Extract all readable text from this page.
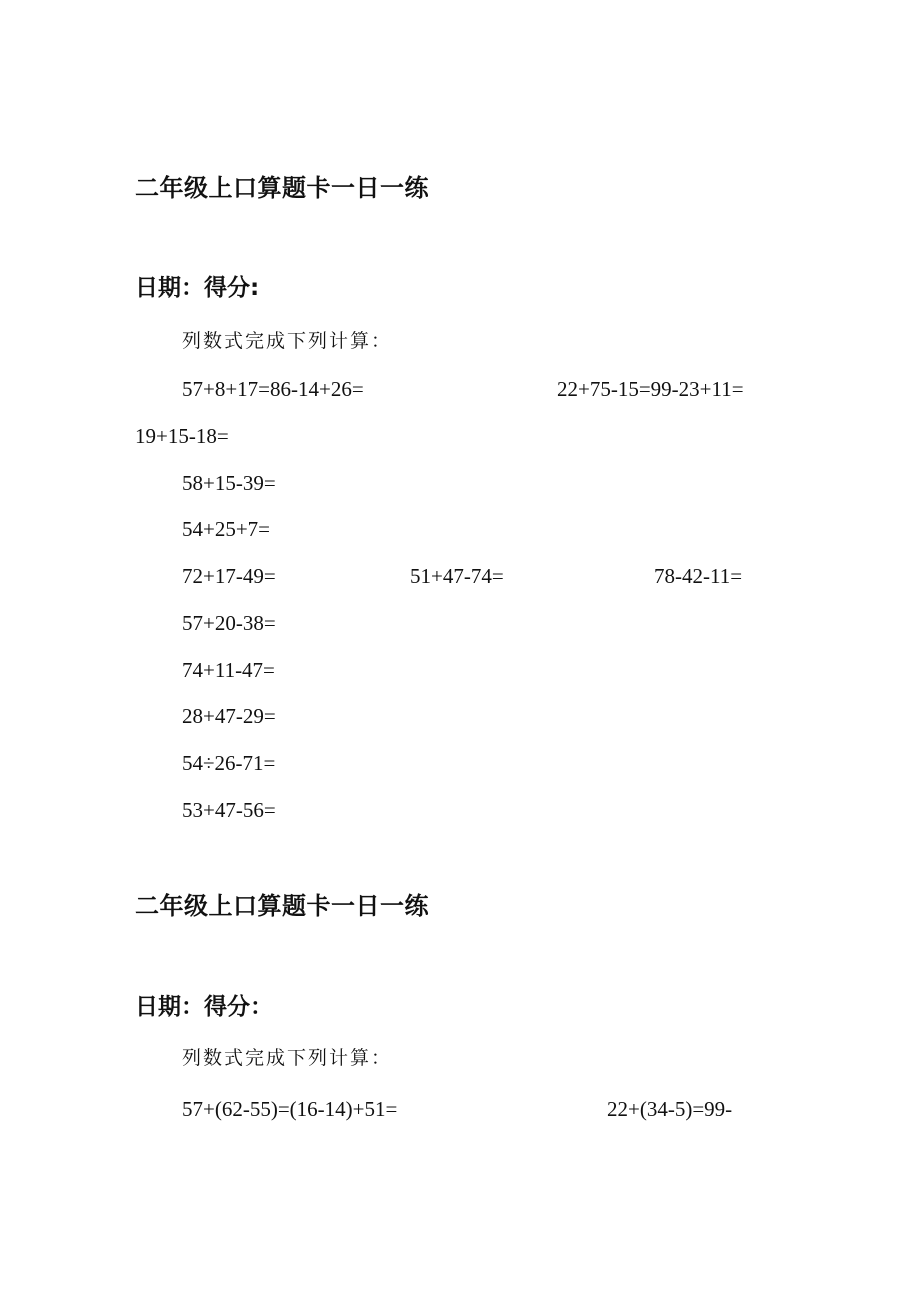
二年级上口算题卡一日一练
日期：得分:
列数式完成下列计算：
57+8+17=86-14+26=	22+75-15=99-23+11=
19+15-18=
58+15-39=
54+25+7=
72+17-49=	51+47-74=	78-42-11=
57+20-38=
74+11-47=
28+47-29=
54÷26-71=
53+47-56=
二年级上口算题卡一日一练
日期：得分：
列数式完成下列计算：
57+(62-55)=(16-14)+51=	22+(34-5)=99-
